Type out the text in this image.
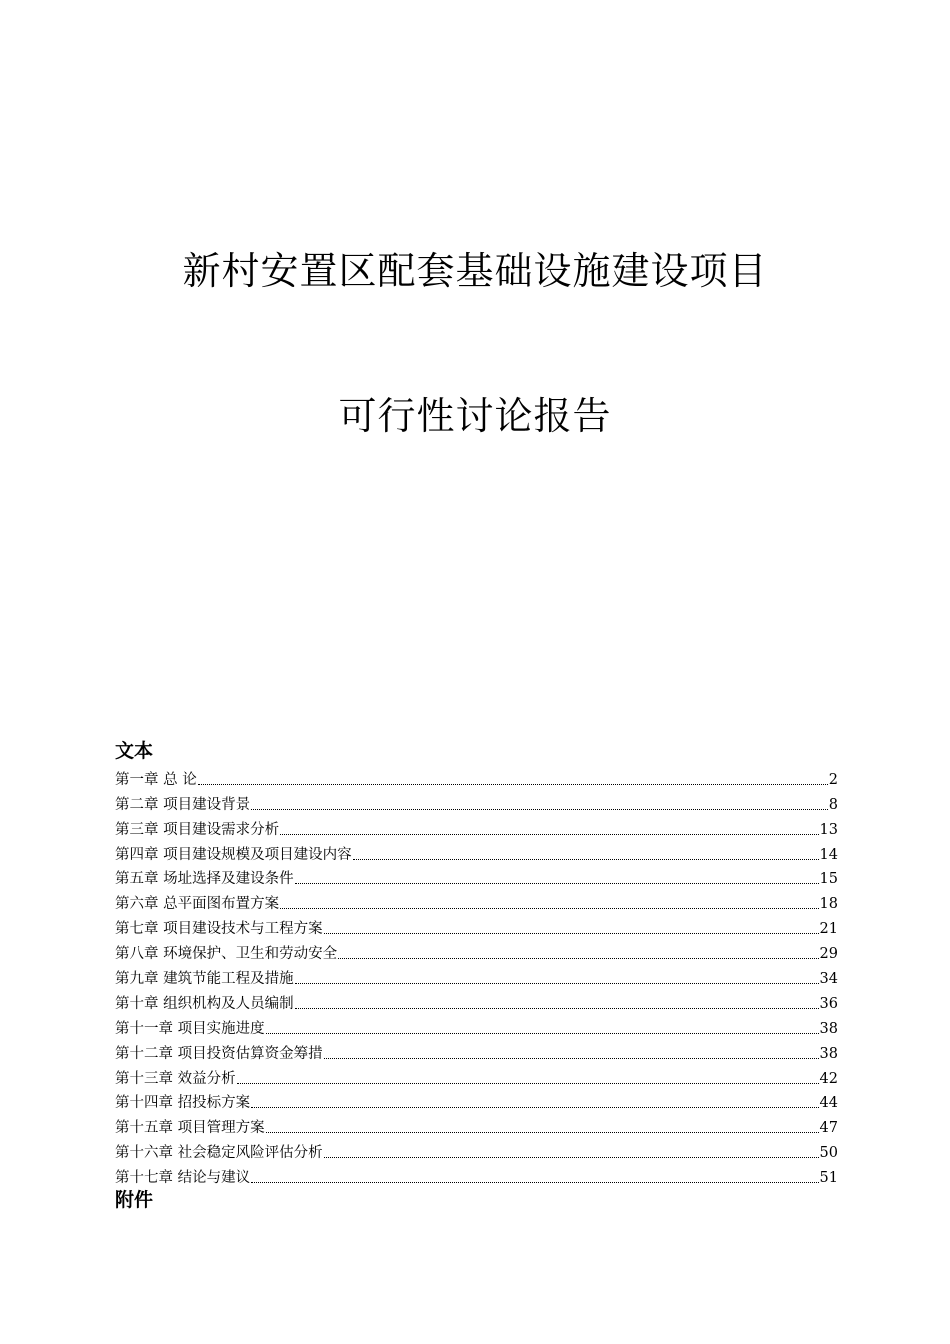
新村安置区配套基础设施建设项目
可行性讨论报告
文本
第一章 总 论	2
第二章 项目建设背景	8
第三章 项目建设需求分析	13
第四章 项目建设规模及项目建设内容	14
第五章 场址选择及建设条件	15
第六章 总平面图布置方案	18
第七章 项目建设技术与工程方案	21
第八章 环境保护、卫生和劳动安全	29
第九章 建筑节能工程及措施	34
第十章 组织机构及人员编制	36
第十一章 项目实施进度	38
第十二章 项目投资估算资金筹措	38
第十三章 效益分析	42
第十四章 招投标方案	44
第十五章 项目管理方案	47
第十六章 社会稳定风险评估分析	50
第十七章 结论与建议	51
附件
